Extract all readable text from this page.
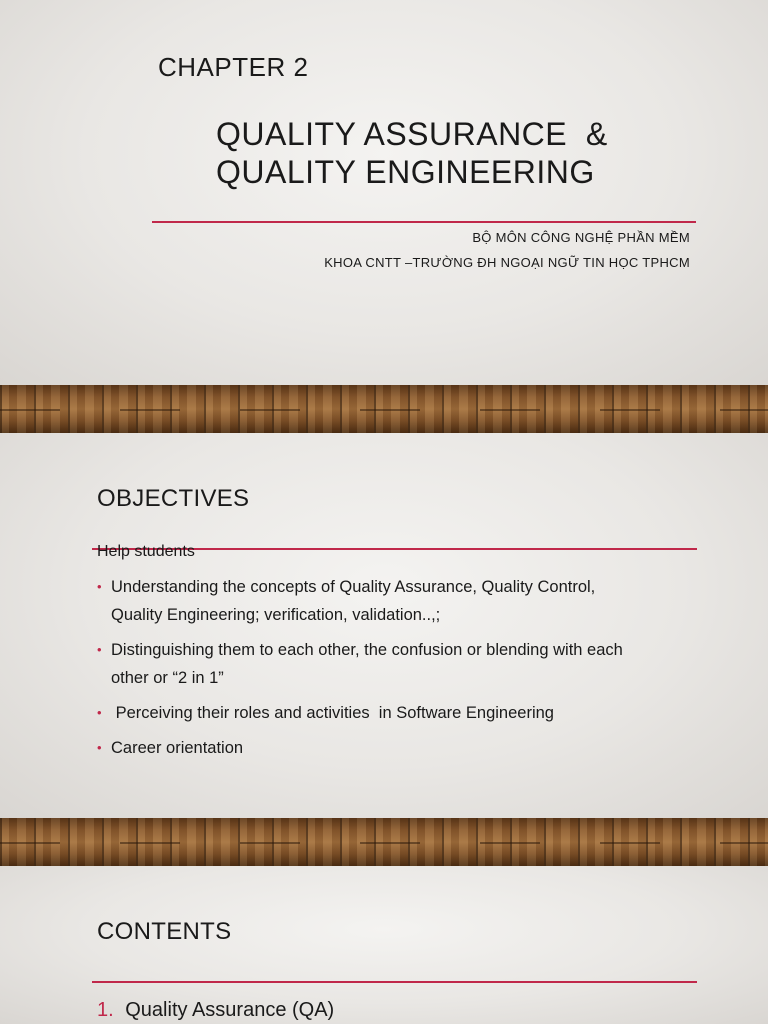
CHAPTER 2

QUALITY ASSURANCE  &
QUALITY ENGINEERING
BỘ MÔN CÔNG NGHỆ PHẦN MỀM
KHOA CNTT –TRƯỜNG ĐH NGOẠI NGỮ TIN HỌC TPHCM

OBJECTIVES

Help students

• Understanding the concepts of Quality Assurance, Quality Control,
Quality Engineering; verification, validation..,;
• Distinguishing them to each other, the confusion or blending with each
other or “2 in 1”
• Perceiving their roles and activities  in Software Engineering
• Career orientation

CONTENTS

1. Quality Assurance (QA)
